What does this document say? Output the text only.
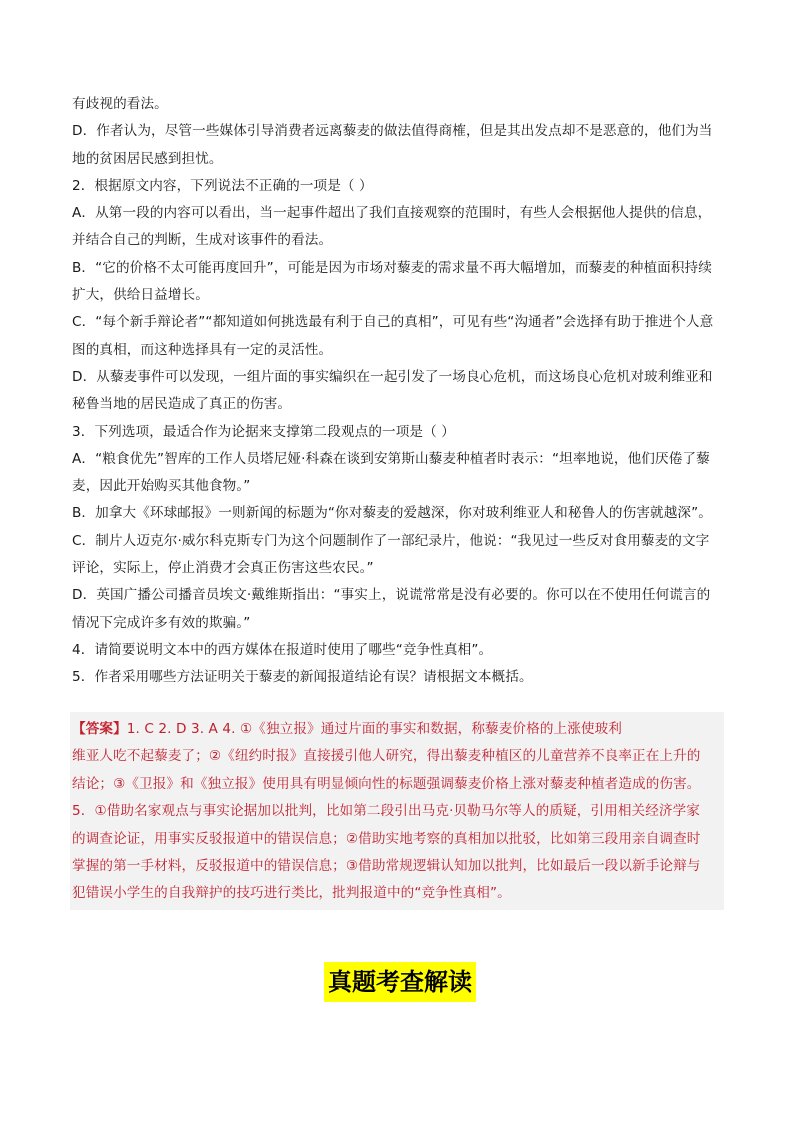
有歧视的看法。
D．作者认为，尽管一些媒体引导消费者远离藜麦的做法值得商榷，但是其出发点却不是恶意的，他们为当
地的贫困居民感到担忧。
2．根据原文内容，下列说法不正确的一项是（ ）
A．从第一段的内容可以看出，当一起事件超出了我们直接观察的范围时，有些人会根据他人提供的信息，
并结合自己的判断，生成对该事件的看法。
B．“它的价格不太可能再度回升”，可能是因为市场对藜麦的需求量不再大幅增加，而藜麦的种植面积持续
扩大，供给日益增长。
C．“每个新手辩论者”“都知道如何挑选最有利于自己的真相”，可见有些“沟通者”会选择有助于推进个人意
图的真相，而这种选择具有一定的灵活性。
D．从藜麦事件可以发现，一组片面的事实编织在一起引发了一场良心危机，而这场良心危机对玻利维亚和
秘鲁当地的居民造成了真正的伤害。
3．下列选项，最适合作为论据来支撑第二段观点的一项是（ ）
A．“粮食优先”智库的工作人员塔尼娅·科森在谈到安第斯山藜麦种植者时表示：“坦率地说，他们厌倦了藜
麦，因此开始购买其他食物。”
B．加拿大《环球邮报》一则新闻的标题为“你对藜麦的爱越深，你对玻利维亚人和秘鲁人的伤害就越深”。
C．制片人迈克尔·威尔科克斯专门为这个问题制作了一部纪录片，他说：“我见过一些反对食用藜麦的文字
评论，实际上，停止消费才会真正伤害这些农民。”
D．英国广播公司播音员埃文·戴维斯指出：“事实上，说谎常常是没有必要的。你可以在不使用任何谎言的
情况下完成许多有效的欺骗。”
4．请简要说明文本中的西方媒体在报道时使用了哪些“竞争性真相”。
5．作者采用哪些方法证明关于藜麦的新闻报道结论有误？请根据文本概括。
【答案】1. C 2. D 3. A 4. ①《独立报》通过片面的事实和数据，称藜麦价格的上涨使玻利
维亚人吃不起藜麦了；②《纽约时报》直接援引他人研究，得出藜麦种植区的儿童营养不良率正在上升的
结论；③《卫报》和《独立报》使用具有明显倾向性的标题强调藜麦价格上涨对藜麦种植者造成的伤害。
5．①借助名家观点与事实论据加以批判，比如第二段引出马克·贝勒马尔等人的质疑，引用相关经济学家
的调查论证，用事实反驳报道中的错误信息；②借助实地考察的真相加以批驳，比如第三段用亲自调查时
掌握的第一手材料，反驳报道中的错误信息；③借助常规逻辑认知加以批判，比如最后一段以新手论辩与
犯错误小学生的自我辩护的技巧进行类比，批判报道中的“竞争性真相”。
真题考查解读
